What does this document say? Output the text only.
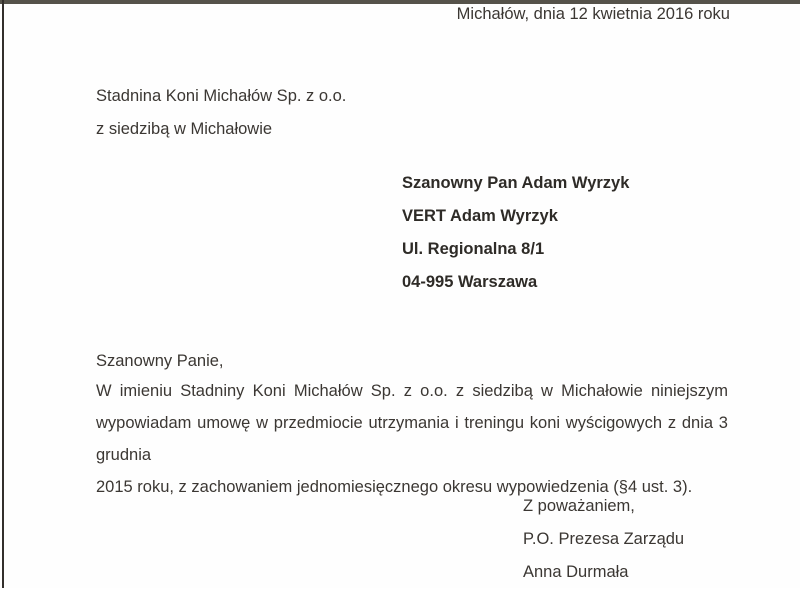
Michałów, dnia 12 kwietnia 2016 roku
Stadnina Koni Michałów Sp. z o.o.
z siedzibą w Michałowie
Szanowny Pan Adam Wyrzyk
VERT Adam Wyrzyk
Ul. Regionalna 8/1
04-995 Warszawa
Szanowny Panie,
W imieniu Stadniny Koni Michałów Sp. z o.o. z siedzibą w Michałowie niniejszym
wypowiadam umowę w przedmiocie utrzymania i treningu koni wyścigowych z dnia 3 grudnia
2015 roku, z zachowaniem jednomiesięcznego okresu wypowiedzenia (§4 ust. 3).
Z poważaniem,
P.O. Prezesa Zarządu
Anna Durmała
